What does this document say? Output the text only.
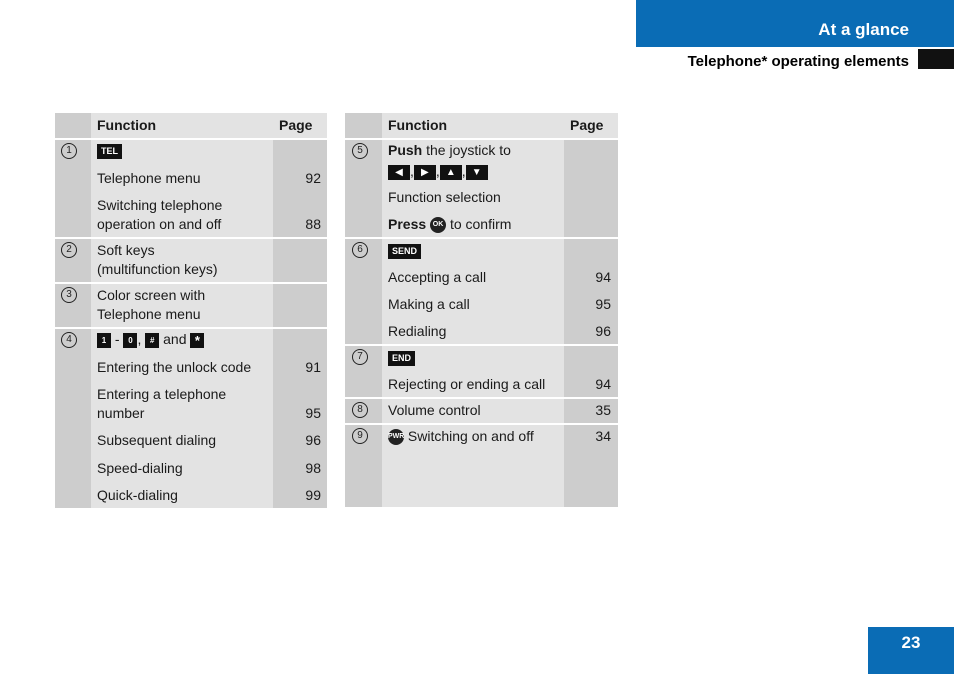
At a glance
Telephone* operating elements
Function	Page
1	TEL
Telephone menu	92
Switching telephone
operation on and off	88
2	Soft keys
(multifunction keys)
3	Color screen with
Telephone menu
4	1 - 0 , # and *
Entering the unlock code	91
Entering a telephone
number	95
Subsequent dialing	96
Speed-dialing	98
Quick-dialing	99
Function	Page
5	Push the joystick to
◀ , ▶ , ▲ , ▼
Function selection
Press OK to confirm
6	SEND
Accepting a call	94
Making a call	95
Redialing	96
7	END
Rejecting or ending a call	94
8	Volume control	35
9	PWR Switching on and off	34
23
